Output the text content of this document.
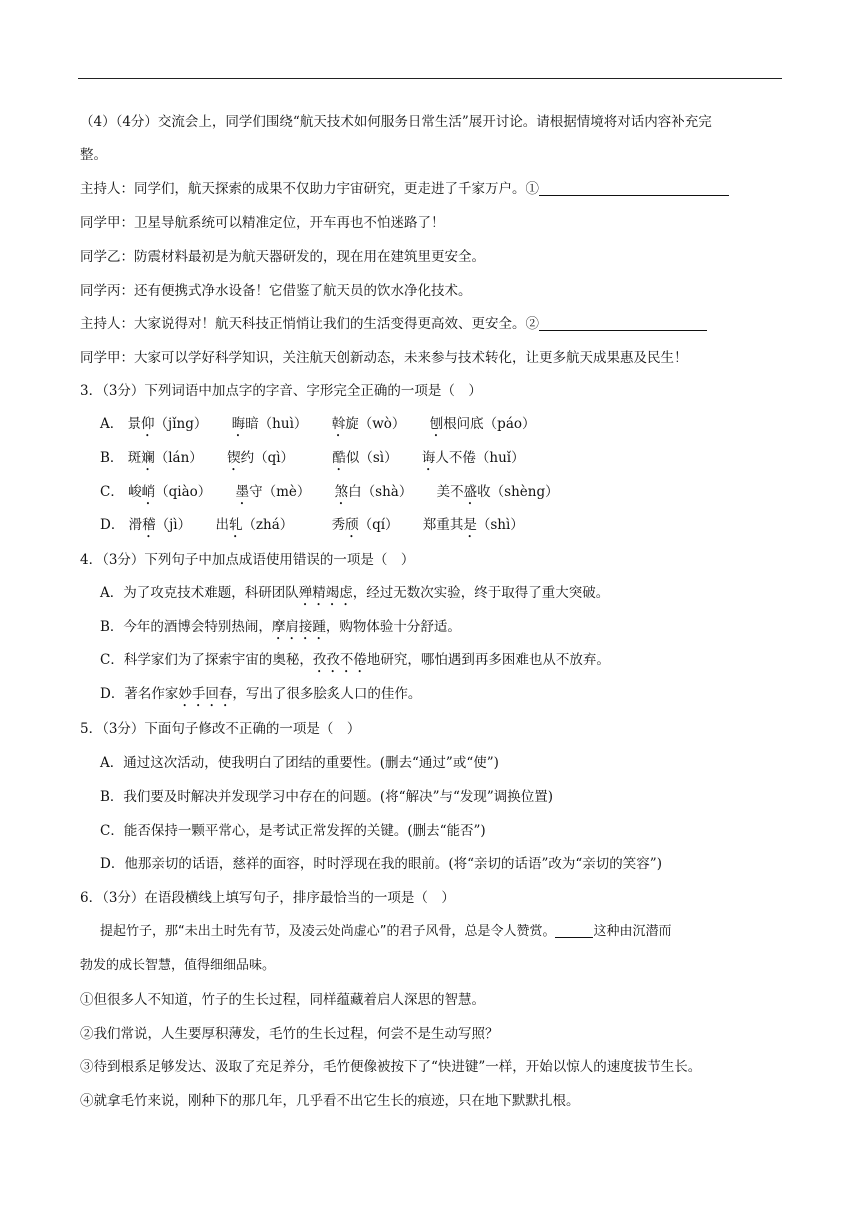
（4）（4分）交流会上，同学们围绕“航天技术如何服务日常生活”展开讨论。请根据情境将对话内容补充完
整。
主持人：同学们，航天探索的成果不仅助力宇宙研究，更走进了千家万户。①
同学甲：卫星导航系统可以精准定位，开车再也不怕迷路了！
同学乙：防震材料最初是为航天器研发的，现在用在建筑里更安全。
同学丙：还有便携式净水设备！它借鉴了航天员的饮水净化技术。
主持人：大家说得对！航天科技正悄悄让我们的生活变得更高效、更安全。②
同学甲：大家可以学好科学知识，关注航天创新动态，未来参与技术转化，让更多航天成果惠及民生！
3．（3分）下列词语中加点字的字音、字形完全正确的一项是（　）
A． 景仰（jǐng） 晦暗（huì） 斡旋（wò） 刨根问底（páo）
B． 斑斓（lán） 锲约（qì）	酷似（sì） 诲人不倦（huǐ）
C． 峻峭（qiào） 墨守（mè） 煞白（shà） 美不盛收（shèng）
D． 滑稽（jì） 出轧（zhá）	秀颀（qí） 郑重其是（shì）
4．（3分）下列句子中加点成语使用错误的一项是（　）
A．为了攻克技术难题，科研团队殚精竭虑，经过无数次实验，终于取得了重大突破。
B．今年的酒博会特别热闹，摩肩接踵，购物体验十分舒适。
C．科学家们为了探索宇宙的奥秘，孜孜不倦地研究，哪怕遇到再多困难也从不放弃。
D．著名作家妙手回春，写出了很多脍炙人口的佳作。
5．（3分）下面句子修改不正确的一项是（　）
A．通过这次活动，使我明白了团结的重要性。(删去“通过”或“使”)
B．我们要及时解决并发现学习中存在的问题。(将“解决”与“发现”调换位置)
C．能否保持一颗平常心，是考试正常发挥的关键。(删去“能否”)
D．他那亲切的话语，慈祥的面容，时时浮现在我的眼前。(将“亲切的话语”改为“亲切的笑容”)
6．（3分）在语段横线上填写句子，排序最恰当的一项是（　）
提起竹子，那“未出土时先有节，及凌云处尚虚心”的君子风骨，总是令人赞赏。	这种由沉潜而
勃发的成长智慧，值得细细品味。
①但很多人不知道，竹子的生长过程，同样蕴藏着启人深思的智慧。
②我们常说，人生要厚积薄发，毛竹的生长过程，何尝不是生动写照？
③待到根系足够发达、汲取了充足养分，毛竹便像被按下了“快进键”一样，开始以惊人的速度拔节生长。
④就拿毛竹来说，刚种下的那几年，几乎看不出它生长的痕迹，只在地下默默扎根。
